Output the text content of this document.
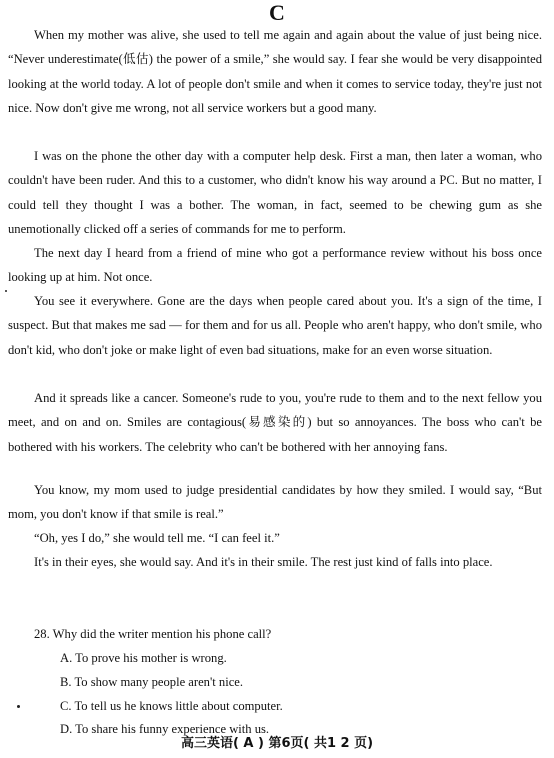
C

When my mother was alive, she used to tell me again and again about the value of just being nice. “Never underestimate(低估) the power of a smile,” she would say. I fear she would be very disappointed looking at the world today. A lot of people don't smile and when it comes to service today, they're just not nice. Now don't give me wrong, not all service workers but a good many.

I was on the phone the other day with a computer help desk. First a man, then later a woman, who couldn't have been ruder. And this to a customer, who didn't know his way around a PC. But no matter, I could tell they thought I was a bother. The woman, in fact, seemed to be chewing gum as she unemotionally clicked off a series of commands for me to perform.

The next day I heard from a friend of mine who got a performance review without his boss once looking up at him. Not once.

You see it everywhere. Gone are the days when people cared about you. It's a sign of the time, I suspect. But that makes me sad — for them and for us all. People who aren't happy, who don't smile, who don't kid, who don't joke or make light of even bad situations, make for an even worse situation.

And it spreads like a cancer. Someone's rude to you, you're rude to them and to the next fellow you meet, and on and on. Smiles are contagious(易感染的) but so annoyances. The boss who can't be bothered with his workers. The celebrity who can't be bothered with her annoying fans.

You know, my mom used to judge presidential candidates by how they smiled. I would say, “But mom, you don't know if that smile is real.”

“Oh, yes I do,” she would tell me. “I can feel it.”

It's in their eyes, she would say. And it's in their smile. The rest just kind of falls into place.

28. Why did the writer mention his phone call?
A. To prove his mother is wrong.
B. To show many people aren't nice.
C. To tell us he knows little about computer.
D. To share his funny experience with us.
高三英语( A ) 第6页( 共1 2 页)
